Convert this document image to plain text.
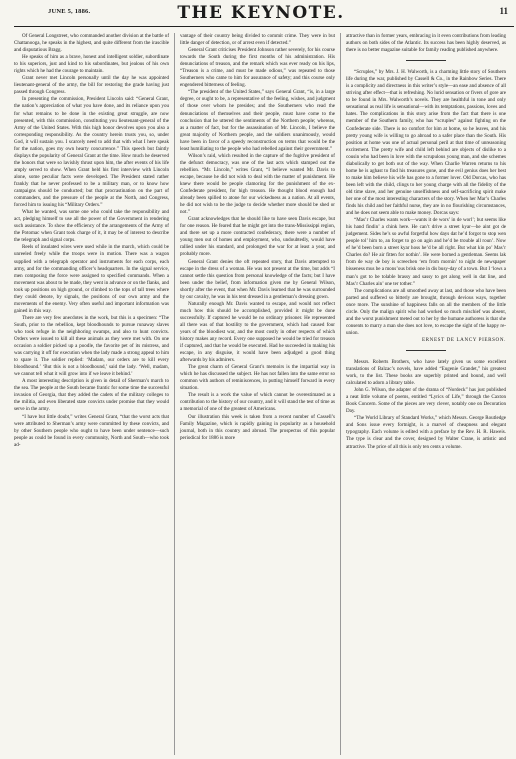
JUNE 5, 1886.	THE KEYNOTE.	11

Of General Longstreet, who commanded another division at the battle of Chattanooga, he speaks in the highest, and quite different from the irascible and disputatious Bragg.

He speaks of him as a brave, honest and intelligent soldier, subordinate to his superiors, just and kind to his subordinates, but jealous of his own rights which he had the courage to maintain.

Grant never met Lincoln personally until the day he was appointed lieutenant-general of the army, the bill for restoring the grade having just passed through Congress.

In presenting the commission, President Lincoln said: “General Grant, the nation’s appreciation of what you have done, and its reliance upon you for what remains to be done in the existing great struggle, are now presented, with this commission, constituting you lieutenant-general of the Army of the United States. With this high honor devolves upon you also a corresponding responsibility. As the country herein trusts you, so, under God, it will sustain you. I scarcely need to add that with what I here speak for the nation, goes my own hearty concurrence.” This speech but faintly displays the popularity of General Grant at the time. How much he deserved the honors that were so lavishly thrust upon him, the after events of his life amply served to show. When Grant held his first interview with Lincoln alone, some peculiar facts were developed. The President stated rather frankly that he never professed to be a military man, or to know how campaigns should be conducted; but that procrastination on the part of commanders, and the pressure of the people at the North, and Congress, forced him to issuing his “Military Orders.”

What he wanted, was some one who could take the responsibility and act, pledging himself to use all the power of the Government in rendering such assistance. To show the efficiency of the arrangements of the Army of the Potomac when Grant took charge of it, it may be of interest to describe the telegraph and signal corps.

Reels of insulated wires were used while in the march, which could be unreeled freely while the troops were in motion. There was a wagon supplied with a telegraph operator and instruments for each corps, each army, and for the commanding officer’s headquarters. In the signal service, men composing the force were assigned to specified commands. When a movement was about to be made, they went in advance or on the flanks, and took up positions on high ground, or climbed to the tops of tall trees where they could denote, by signals, the positions of our own army and the movements of the enemy. Very often useful and important information was gained in this way.

There are very few anecdotes in the work, but this is a specimen: “The South, prior to the rebellion, kept bloodhounds to pursue runaway slaves who took refuge in the neighboring swamps, and also to hunt convicts. Orders were issued to kill all these animals as they were met with. On one occasion a soldier picked up a poodle, the favorite pet of its mistress, and was carrying it off for execution when the lady made a strong appeal to him to spare it. The soldier replied: ‘Madam, our orders are to kill every bloodhound.’ ‘But this is not a bloodhound,’ said the lady. ‘Well, madam, we cannot tell what it will grow into if we leave it behind.’

A most interesting description is given in detail of Sherman’s march to the sea. The people at the South became frantic for some time the successful invasion of Georgia, that they added the cadets of the military colleges to the militia, and even liberated state convicts under promise that they would serve in the army.

“I have but little doubt,” writes General Grant, “that the worst acts that were attributed to Sherman’s army were committed by these convicts, and by other Southern people who ought to have been under sentence—such people as could be found in every community, North and South—who took ad-

vantage of their country being divided to commit crime. They were in but little danger of detection, or of arrest even if detected.”

General Grant criticises President Johnson rather severely, for his course towards the South during the first months of his administration. His denunciations of treason, and the remark which was ever ready on his lips, “Treason is a crime, and must be made odious,” was repeated to those Southerners who came to him for assurance of safety; and this course only engendered bitterness of feeling.

“The president of the United States,” says General Grant, “is, in a large degree, or ought to be, a representative of the feeling, wishes, and judgment of those over whom he presides; and the Southerners who read the denunciations of themselves and their people, must have come to the conclusion that he uttered the sentiments of the Northern people; whereas, as a matter of fact, but for the assassination of Mr. Lincoln, I believe the great majority of Northern people, and the soldiers unanimously, would have been in favor of a speedy reconstruction on terms that would be the least humiliating to the people who had rebelled against their government.”

Wilson’s raid, which resulted in the capture of the fugitive president of the defunct democracy, was one of the last acts which stamped out the rebellion. “Mr. Lincoln,” writes Grant, “I believe wanted Mr. Davis to escape, because he did not wish to deal with the matter of punishment. He knew there would be people clamoring for the punishment of the ex-Confederate president, for high treason. He thought blood enough had already been spilled to atone for our wickedness as a nation. At all events, he did not wish to be the judge to decide whether more should be shed or not.”

Grant acknowledges that he should like to have seen Davis escape, but for one reason. He feared that he might get into the trans-Mississippi region, and there set up a more contracted confederacy, there were a number of young men out of homes and employment, who, undoubtedly, would have rallied under his standard, and prolonged the war for at least a year, and probably more.

General Grant denies the oft repeated story, that Davis attempted to escape in the dress of a woman. He was not present at the time, but adds “I cannot settle this question from personal knowledge of the facts; but I have been under the belief, from information given me by General Wilson, shortly after the event, that when Mr. Davis learned that he was surrounded by our cavalry, he was in his tent dressed in a gentleman’s dressing gown.

Naturally enough Mr. Davis wanted to escape, and would not reflect much how this should be accomplished, provided it might be done successfully. If captured he would be no ordinary prisoner. He represented all there was of that hostility to the government, which had caused four years of the bloodiest war, and the most costly in other respects of which history makes any record. Every one supposed he would be tried for treason if captured, and that he would be executed. Had he succeeded in making his escape, in any disguise, it would have been adjudged a good thing afterwards by his admirers.

The great charm of General Grant’s memoirs is the impartial way in which he has discussed the subject. He has not fallen into the same error so common with authors of reminiscences, in putting himself forward in every situation.

The result is a work the value of which cannot be overestimated as a contribution to the history of our country, and it will stand the test of time as a memorial of one of the greatest of Americans.

Our illustration this week is taken from a recent number of Cassell’s Family Magazine, which is rapidly gaining in popularity as a household journal, both in this country and abroad. The prospectus of this popular periodical for 1886 is more

attractive than in former years, embracing in it even contributions from leading authors on both sides of the Atlantic. Its success has been highly deserved, as there is no better magazine suitable for family reading published anywhere.

“Scruples,” by Mrs. J. H. Walworth, is a charming little story of Southern life during the war, published by Cassell & Co., in the Rainbow Series. There is a complicity and directness in this writer’s style—an ease and absence of all striving after effect—that is refreshing. No lurid sensation or fivers of gore are to be found in Mrs. Walworth’s novels. They are healthful in tone and only sensational as real life is sensational—with its temptations, passions, loves and hates. The complications in this story arise from the fact that there is one member of the Southern family, who has “scruples” against fighting on the Confederate side. There is no comfort for him at home, so he leaves, and his pretty young wife is willing to go abroad to a safer place than the South. His position at home was one of actual personal peril at that time of unreasoning excitement. The pretty wife and child left behind are objects of dislike to a cousin who had been in love with the scrupulous young man, and she schemes diabolically to get both out of the way. When Charlie Warren returns to his home he is aghast to find his treasures gone, and the evil genius does her best to make him believe his wife has gone to a former lover. Old Dorcas, who has been left with the child, clings to her young charge with all the fidelity of the old time slave, and her genuine unselfishness and self-sacrificing spirit make her one of the most interesting characters of the story. When her Mar’s Charles finds his child and her faithful nurse, they are in no flourishing circumstances, and he does not seem able to make money. Dorcas says:

“Mas’r Charles wants work—wants it de wors’ in de worl’; but seems like his hand findin’ a chink here. He can’t drive a street kyar—he aint got de judgement. Sides he’s so awful forgetful how days dat he’d forgot to stop wen people tol’ him to, an forget to go on agin and he’d be trouble all roun’. Now ef he’d been born a street kyar hoss he’d be all right. But what kin po’ Mas’r Charles do? He air fitten for nothin’. He were borned a gentleman. Seems lak from de way de boy is screechen ‘em from mornin’ to night de newspaper bisseness mus be a mons’ous brisk one in dis busy-day of a town. But I ‘lows a man’s got to be tolable brassy and sassy to get along well in dat line, and Mas’r Charles ain’ one ter tother.”

The complications are all smoothed away at last, and those who have been parted and suffered so bitterly are brought, through devious ways, together once more. The sunshine of happiness falls on all the members of the little circle. Only the malign spirit who had worked so much mischief was absent, and the worst punishment meted out to her by the humane authoress is that she consents to marry a man she does not love, to escape the sight of the happy re-union.

ERNEST DE LANCY PIERSON.

Messrs. Roberts Brothers, who have lately given us some excellent translations of Balzac’s novels, have added “Eugenie Grandet,” his greatest work, to the list. These books are superbly printed and bound, and well calculated to adorn a library table.

John G. Wilson, the adapter of the drama of “Nordeck” has just published a neat little volume of poems, entitled “Lyrics of Life,” through the Caxton Book Concern. Some of the pieces are very clever, notably one on Decoration Day.

“The World Library of Standard Works,” which Messrs. George Routledge and Sons issue every fortnight, is a marvel of cheapness and elegant typography. Each volume is edited with a preface by the Rev. H. R. Haweis. The type is clear and the cover, designed by Walter Crane, is artistic and attractive. The price of all this is only ten cents a volume.
